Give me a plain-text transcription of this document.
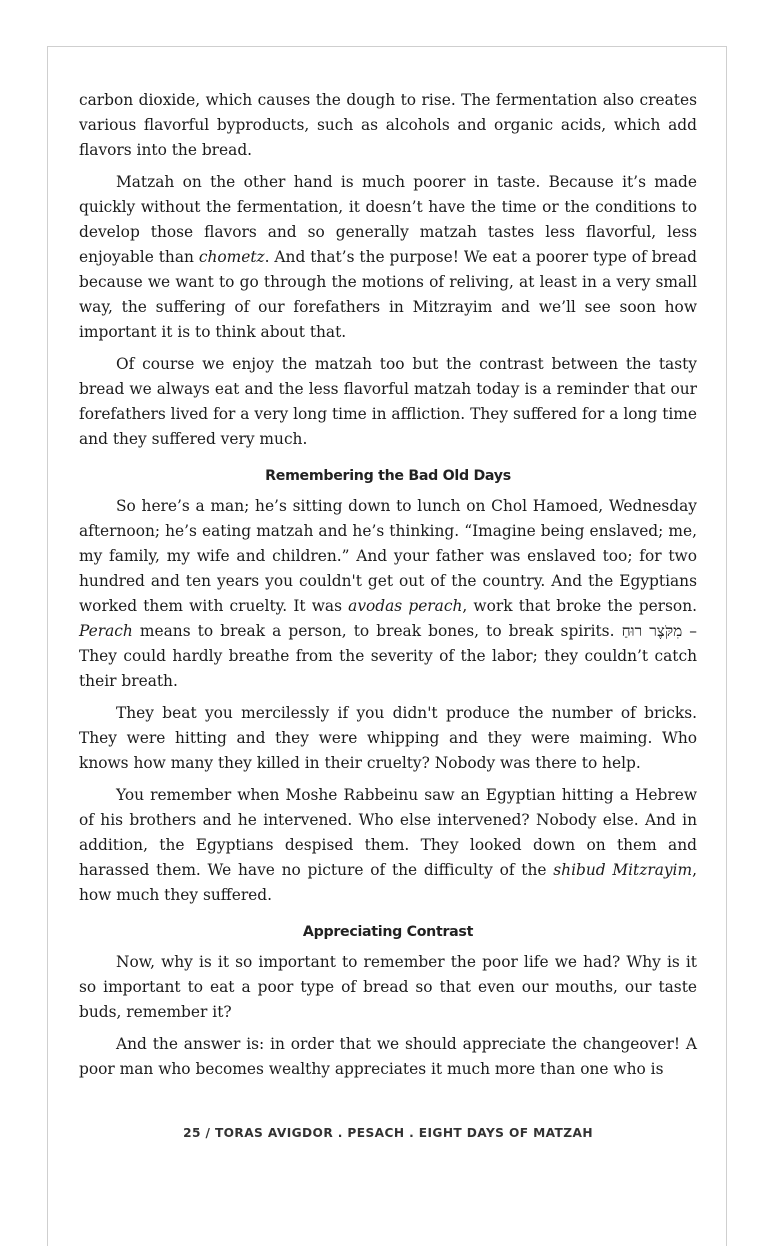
carbon dioxide, which causes the dough to rise. The fermentation also creates various flavorful byproducts, such as alcohols and organic acids, which add flavors into the bread.

Matzah on the other hand is much poorer in taste. Because it’s made quickly without the fermentation, it doesn’t have the time or the conditions to develop those flavors and so generally matzah tastes less flavorful, less enjoyable than chometz. And that’s the purpose! We eat a poorer type of bread because we want to go through the motions of reliving, at least in a very small way, the suffering of our forefathers in Mitzrayim and we’ll see soon how important it is to think about that.

Of course we enjoy the matzah too but the contrast between the tasty bread we always eat and the less flavorful matzah today is a reminder that our forefathers lived for a very long time in affliction. They suffered for a long time and they suffered very much.

Remembering the Bad Old Days

So here’s a man; he’s sitting down to lunch on Chol Hamoed, Wednesday afternoon; he’s eating matzah and he’s thinking. “Imagine being enslaved; me, my family, my wife and children.” And your father was enslaved too; for two hundred and ten years you couldn't get out of the country. And the Egyptians worked them with cruelty. It was avodas perach, work that broke the person. Perach means to break a person, to break bones, to break spirits. מִקֹּצֶר רוּחַ – They could hardly breathe from the severity of the labor; they couldn’t catch their breath.

They beat you mercilessly if you didn't produce the number of bricks. They were hitting and they were whipping and they were maiming. Who knows how many they killed in their cruelty? Nobody was there to help.

You remember when Moshe Rabbeinu saw an Egyptian hitting a Hebrew of his brothers and he intervened. Who else intervened? Nobody else. And in addition, the Egyptians despised them. They looked down on them and harassed them. We have no picture of the difficulty of the shibud Mitzrayim, how much they suffered.

Appreciating Contrast

Now, why is it so important to remember the poor life we had? Why is it so important to eat a poor type of bread so that even our mouths, our taste buds, remember it?

And the answer is: in order that we should appreciate the changeover! A poor man who becomes wealthy appreciates it much more than one who is

25 / TORAS AVIGDOR . PESACH . EIGHT DAYS OF MATZAH
